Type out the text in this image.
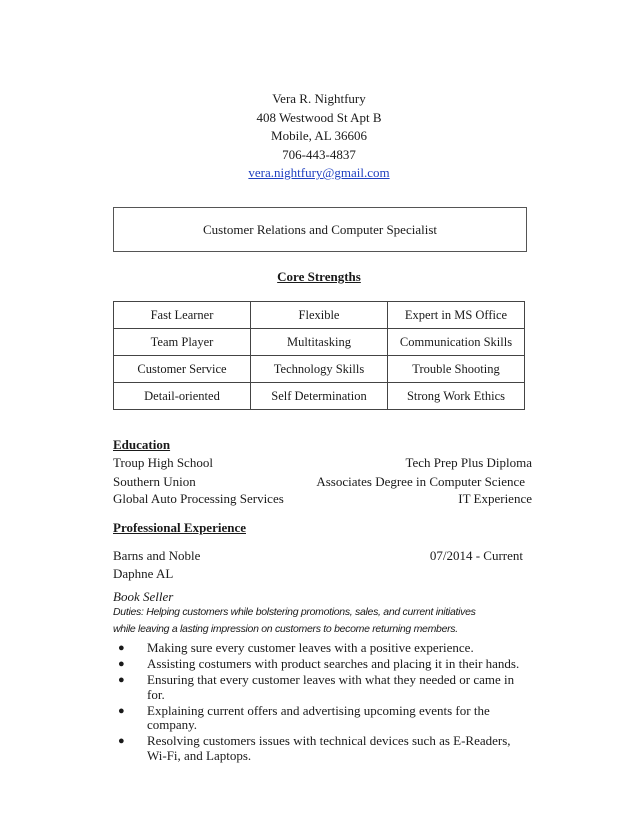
Vera R. Nightfury
408 Westwood St Apt B
Mobile, AL 36606
706-443-4837
vera.nightfury@gmail.com
Customer Relations and Computer Specialist
Core Strengths
Fast Learner	Flexible	Expert in MS Office
Team Player	Multitasking	Communication Skills
Customer Service	Technology Skills	Trouble Shooting
Detail-oriented	Self Determination	Strong Work Ethics
Education
Troup High School	Tech Prep Plus Diploma
Southern Union	Associates Degree in Computer Science
Global Auto Processing Services	IT Experience
Professional Experience
Barns and Noble	07/2014 - Current
Daphne AL
Book Seller
Duties: Helping customers while bolstering promotions, sales, and current initiatives
while leaving a lasting impression on customers to become returning members.
● Making sure every customer leaves with a positive experience.
● Assisting costumers with product searches and placing it in their hands.
● Ensuring that every customer leaves with what they needed or came in for.
● Explaining current offers and advertising upcoming events for the company.
● Resolving customers issues with technical devices such as E-Readers, Wi-Fi, and Laptops.
